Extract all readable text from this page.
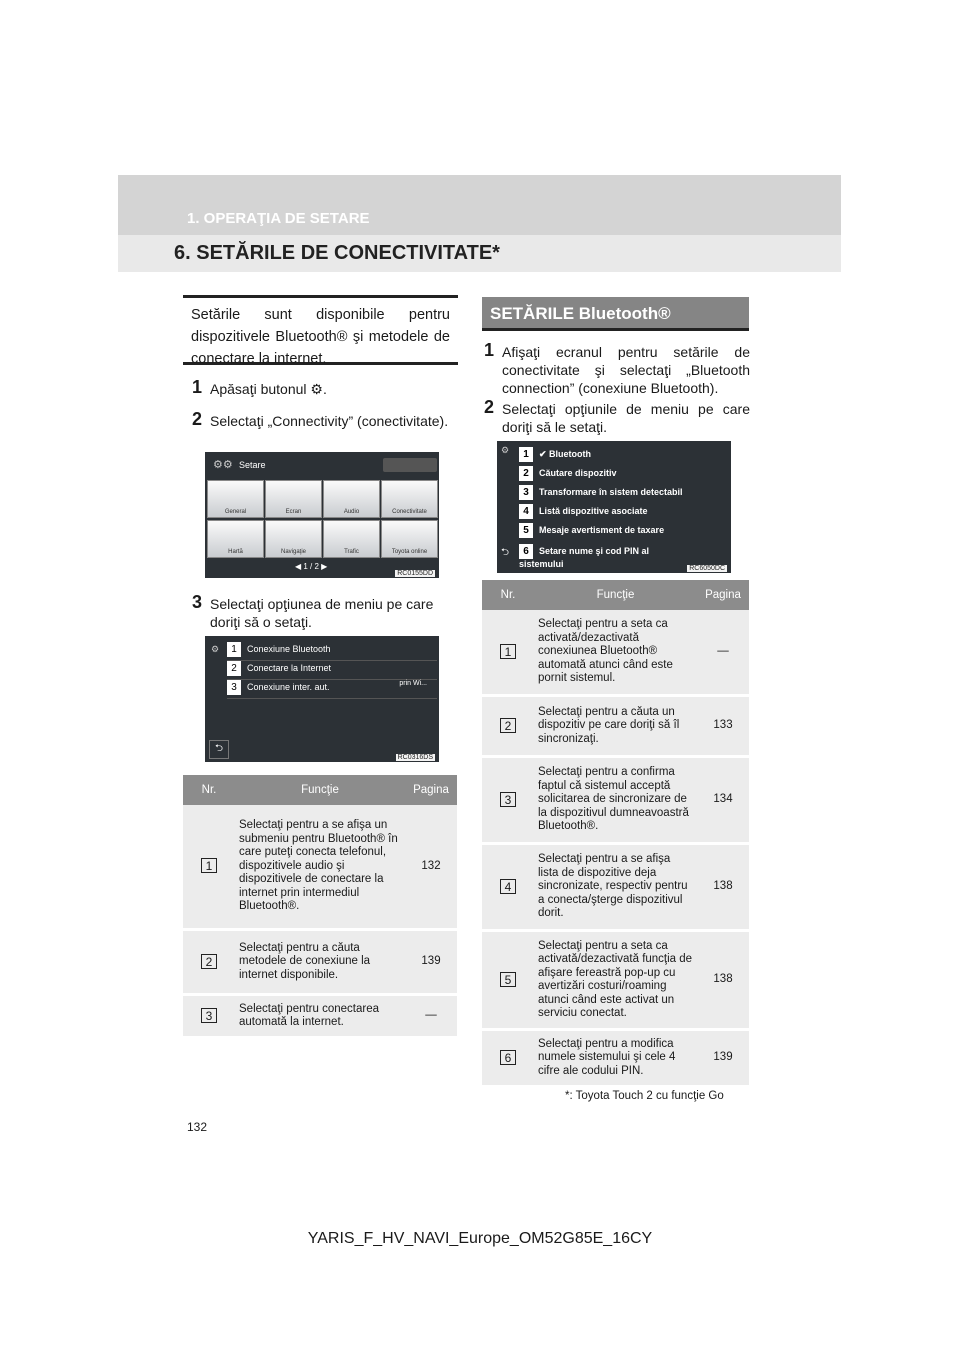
1. OPERAŢIA DE SETARE
6. SETĂRILE DE CONECTIVITATE*
Setările sunt disponibile pentru dispozitivele Bluetooth® şi metodele de conectare la internet.
1 Apăsaţi butonul ⚙.
2 Selectaţi „Connectivity” (conectivitate).
⚙⚙ Setare
General	Ecran	Audio	Conectivitate
Hartă	Navigaţie	Trafic	Toyota online
◀ 1 / 2 ▶
RC0155DD
3 Selectaţi opţiunea de meniu pe care doriţi să o setaţi.
⚙	1 Conexiune Bluetooth
2 Conectare la Internet
3 Conexiune inter. aut.	prin Wi...
⮌
RC0316DS
Nr.	Funcţie	Pagina
1	Selectaţi pentru a se afişa un submeniu pentru Bluetooth® în care puteţi conecta telefonul, dispozitivele audio şi dispozitivele de conectare la internet prin intermediul Bluetooth®.	132
2	Selectaţi pentru a căuta metodele de conexiune la internet disponibile.	139
3	Selectaţi pentru conectarea automată la internet.	—
SETĂRILE Bluetooth®
1 Afişaţi ecranul pentru setările de conectivitate şi selectaţi „Bluetooth connection” (conexiune Bluetooth).
2 Selectaţi opţiunile de meniu pe care doriţi să le setaţi.
⚙	1 ✔ Bluetooth
2 Căutare dispozitiv
3 Transformare în sistem detectabil
4 Listă dispozitive asociate
5 Mesaje avertisment de taxare
⮌	6 Setare nume şi cod PIN al sistemului	RC6050DC
Nr.	Funcţie	Pagina
1	Selectaţi pentru a seta ca activată/dezactivată conexiunea Bluetooth® automată atunci când este pornit sistemul.	—
2	Selectaţi pentru a căuta un dispozitiv pe care doriţi să îl sincronizaţi.	133
3	Selectaţi pentru a confirma faptul că sistemul acceptă solicitarea de sincronizare de la dispozitivul dumneavoastră Bluetooth®.	134
4	Selectaţi pentru a se afişa lista de dispozitive deja sincronizate, respectiv pentru a conecta/şterge dispozitivul dorit.	138
5	Selectaţi pentru a seta ca activată/dezactivată funcţia de afişare fereastră pop-up cu avertizări costuri/roaming atunci când este activat un serviciu conectat.	138
6	Selectaţi pentru a modifica numele sistemului şi cele 4 cifre ale codului PIN.	139
*: Toyota Touch 2 cu funcţie Go
132
YARIS_F_HV_NAVI_Europe_OM52G85E_16CY
